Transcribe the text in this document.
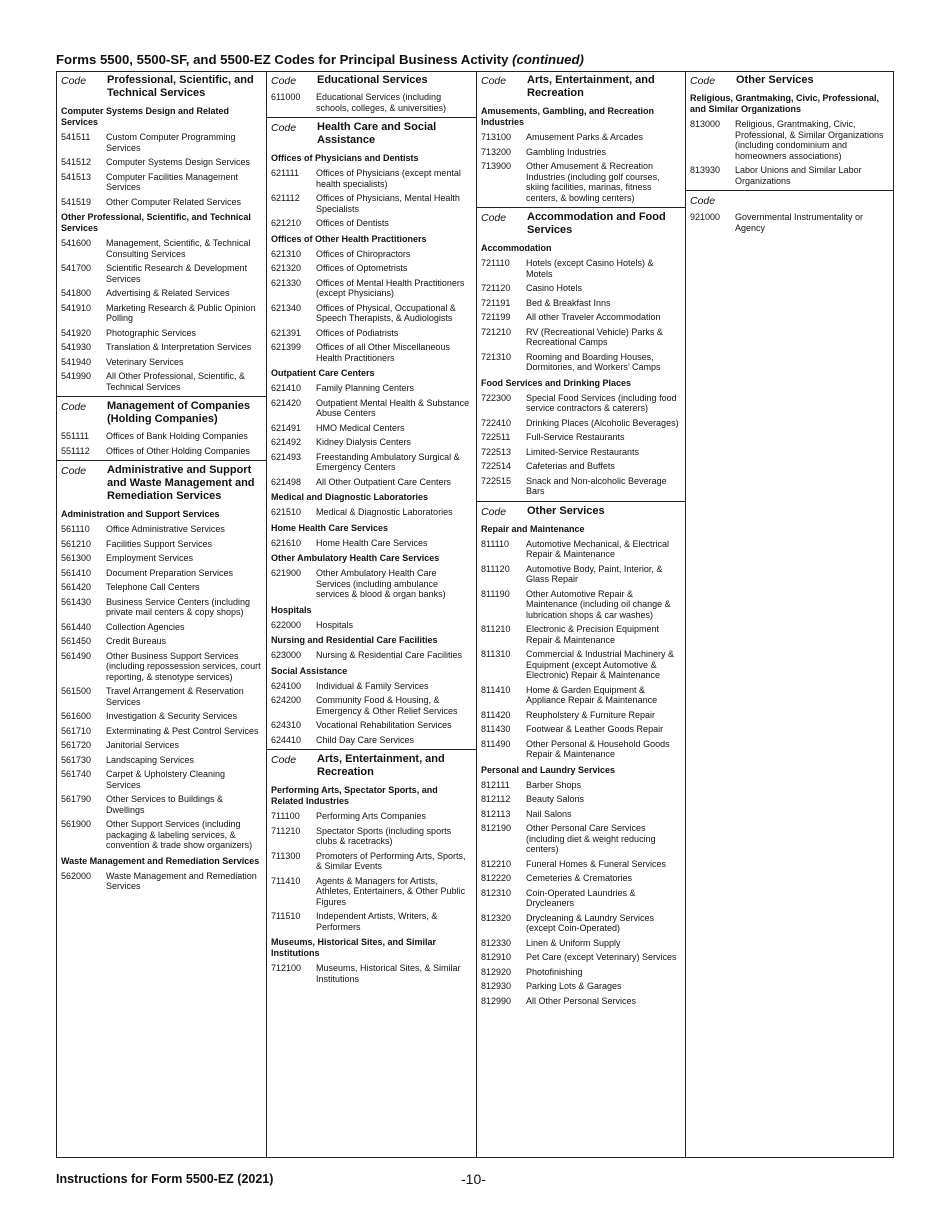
Forms 5500, 5500-SF, and 5500-EZ Codes for Principal Business Activity (continued)
Code	Professional, Scientific, and Technical Services
Computer Systems Design and Related Services
541511	Custom Computer Programming Services
541512	Computer Systems Design Services
541513	Computer Facilities Management Services
541519	Other Computer Related Services
Other Professional, Scientific, and Technical Services
541600	Management, Scientific, & Technical Consulting Services
541700	Scientific Research & Development Services
541800	Advertising & Related Services
541910	Marketing Research & Public Opinion Polling
541920	Photographic Services
541930	Translation & Interpretation Services
541940	Veterinary Services
541990	All Other Professional, Scientific, & Technical Services
Code	Management of Companies (Holding Companies)
551111	Offices of Bank Holding Companies
551112	Offices of Other Holding Companies
Code	Administrative and Support and Waste Management and Remediation Services
Administration and Support Services
561110	Office Administrative Services
561210	Facilities Support Services
561300	Employment Services
561410	Document Preparation Services
561420	Telephone Call Centers
561430	Business Service Centers (including private mail centers & copy shops)
561440	Collection Agencies
561450	Credit Bureaus
561490	Other Business Support Services (including repossession services, court reporting, & stenotype services)
561500	Travel Arrangement & Reservation Services
561600	Investigation & Security Services
561710	Exterminating & Pest Control Services
561720	Janitorial Services
561730	Landscaping Services
561740	Carpet & Upholstery Cleaning Services
561790	Other Services to Buildings & Dwellings
561900	Other Support Services (including packaging & labeling services, & convention & trade show organizers)
Waste Management and Remediation Services
562000	Waste Management and Remediation Services
Code	Educational Services
611000	Educational Services (including schools, colleges, & universities)
Code	Health Care and Social Assistance
Offices of Physicians and Dentists
621111	Offices of Physicians (except mental health specialists)
621112	Offices of Physicians, Mental Health Specialists
621210	Offices of Dentists
Offices of Other Health Practitioners
621310	Offices of Chiropractors
621320	Offices of Optometrists
621330	Offices of Mental Health Practitioners (except Physicians)
621340	Offices of Physical, Occupational & Speech Therapists, & Audiologists
621391	Offices of Podiatrists
621399	Offices of all Other Miscellaneous Health Practitioners
Outpatient Care Centers
621410	Family Planning Centers
621420	Outpatient Mental Health & Substance Abuse Centers
621491	HMO Medical Centers
621492	Kidney Dialysis Centers
621493	Freestanding Ambulatory Surgical & Emergency Centers
621498	All Other Outpatient Care Centers
Medical and Diagnostic Laboratories
621510	Medical & Diagnostic Laboratories
Home Health Care Services
621610	Home Health Care Services
Other Ambulatory Health Care Services
621900	Other Ambulatory Health Care Services (including ambulance services & blood & organ banks)
Hospitals
622000	Hospitals
Nursing and Residential Care Facilities
623000	Nursing & Residential Care Facilities
Social Assistance
624100	Individual & Family Services
624200	Community Food & Housing, & Emergency & Other Relief Services
624310	Vocational Rehabilitation Services
624410	Child Day Care Services
Code	Arts, Entertainment, and Recreation
Performing Arts, Spectator Sports, and Related Industries
711100	Performing Arts Companies
711210	Spectator Sports (including sports clubs & racetracks)
711300	Promoters of Performing Arts, Sports, & Similar Events
711410	Agents & Managers for Artists, Athletes, Entertainers, & Other Public Figures
711510	Independent Artists, Writers, & Performers
Museums, Historical Sites, and Similar Institutions
712100	Museums, Historical Sites, & Similar Institutions
Code	Arts, Entertainment, and Recreation
Amusements, Gambling, and Recreation Industries
713100	Amusement Parks & Arcades
713200	Gambling Industries
713900	Other Amusement & Recreation Industries (including golf courses, skiing facilities, marinas, fitness centers, & bowling centers)
Code	Accommodation and Food Services
Accommodation
721110	Hotels (except Casino Hotels) & Motels
721120	Casino Hotels
721191	Bed & Breakfast Inns
721199	All other Traveler Accommodation
721210	RV (Recreational Vehicle) Parks & Recreational Camps
721310	Rooming and Boarding Houses, Dormitories, and Workers’ Camps
Food Services and Drinking Places
722300	Special Food Services (including food service contractors & caterers)
722410	Drinking Places (Alcoholic Beverages)
722511	Full-Service Restaurants
722513	Limited-Service Restaurants
722514	Cafeterias and Buffets
722515	Snack and Non-alcoholic Beverage Bars
Code	Other Services
Repair and Maintenance
811110	Automotive Mechanical, & Electrical Repair & Maintenance
811120	Automotive Body, Paint, Interior, & Glass Repair
811190	Other Automotive Repair & Maintenance (including oil change & lubrication shops & car washes)
811210	Electronic & Precision Equipment Repair & Maintenance
811310	Commercial & Industrial Machinery & Equipment (except Automotive & Electronic) Repair & Maintenance
811410	Home & Garden Equipment & Appliance Repair & Maintenance
811420	Reupholstery & Furniture Repair
811430	Footwear & Leather Goods Repair
811490	Other Personal & Household Goods Repair & Maintenance
Personal and Laundry Services
812111	Barber Shops
812112	Beauty Salons
812113	Nail Salons
812190	Other Personal Care Services (including diet & weight reducing centers)
812210	Funeral Homes & Funeral Services
812220	Cemeteries & Crematories
812310	Coin-Operated Laundries & Drycleaners
812320	Drycleaning & Laundry Services (except Coin-Operated)
812330	Linen & Uniform Supply
812910	Pet Care (except Veterinary) Services
812920	Photofinishing
812930	Parking Lots & Garages
812990	All Other Personal Services
Code	Other Services
Religious, Grantmaking, Civic, Professional, and Similar Organizations
813000	Religious, Grantmaking, Civic, Professional, & Similar Organizations (including condominium and homeowners associations)
813930	Labor Unions and Similar Labor Organizations
Code
921000	Governmental Instrumentality or Agency
Instructions for Form 5500-EZ (2021)	-10-
